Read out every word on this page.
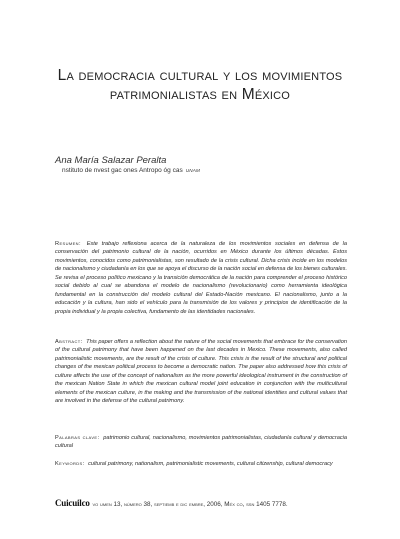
La democracia cultural y los movimientos
patrimonialistas en México
Ana María Salazar Peralta
nstituto de nvest gac ones Antropo óg cas UNAM
Resumen: Este trabajo reflexiona acerca de la naturaleza de los movimientos sociales en defensa de la conservación del patrimonio cultural de la nación, ocurridos en México durante los últimos décadas. Estos movimientos, conocidos como patrimonialistas, son resultado de la crisis cultural. Dicha crisis incide en los modelos de nacionalismo y ciudadanía en los que se apoya el discurso de la nación social en defensa de los bienes culturales. Se revisa el proceso político mexicano y la transición democrática de la nación para comprender el proceso histórico social debido al cual se abandona el modelo de nacionalismo (revolucionario) como herramienta ideológica fundamental en la construcción del modelo cultural del Estado-Nación mexicano. El nacionalismo, junto a la educación y la cultura, han sido el vehículo para la transmisión de los valores y principios de identificación de la propia individual y la propia colectiva, fundamento de las identidades nacionales.
Abstract: This paper offers a reflection about the nature of the social movements that embrace for the conservation of the cultural patrimony that have been happened on the last decades in Mexico. These movements, also called patrimonialistic movements, are the result of the crisis of culture. This crisis is the result of the structural and political changes of the mexican political process to become a democratic nation. The paper also addressed how this crisis of culture affects the use of the concept of nationalism as the more powerful ideological instrument in the construction of the mexican Nation State in which the mexican cultural model joint education in conjunction with the multicultural elements of the mexican culture, in the making and the transmission of the national identities and cultural values that are involved in the defense of the cultural patrimony.
Palabras clave: patrimonio cultural, nacionalismo, movimientos patrimonialistas, ciudadanía cultural y democracia cultural
Keywords: cultural patrimony, nationalism, patrimonialistic movements, cultural citizenship, cultural democracy
Cuicuilco vo umen 13, número 38, septiemb e dic embre, 2006, Méx co, ssn 1405 7778.
